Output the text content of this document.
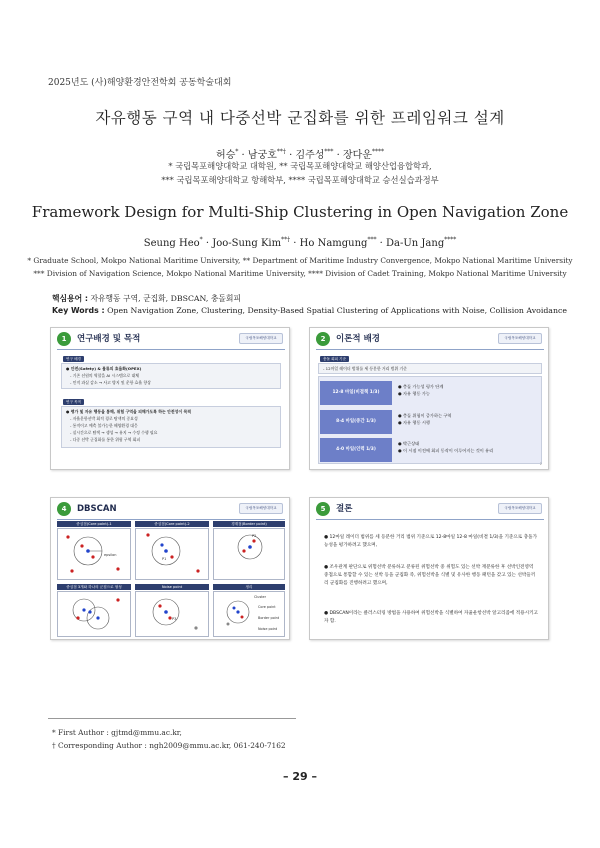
2025년도 (사)해양환경안전학회 공동학술대회
자유행동 구역 내 다중선박 군집화를 위한 프레임워크 설계
허승* · 남궁호**† · 김주성*** · 장다운****
* 국립목포해양대학교 대학원, ** 국립목포해양대학교 해양산업융합학과,
*** 국립목포해양대학교 항해학부, **** 국립목포해양대학교 승선실습과정부
Framework Design for Multi-Ship Clustering in Open Navigation Zone
Seung Heo* · Joo-Sung Kim**† · Ho Namgung*** · Da-Un Jang****
* Graduate School, Mokpo National Maritime University, ** Department of Maritime Industry Convergence, Mokpo National Maritime University
*** Division of Navigation Science, Mokpo National Maritime University, **** Division of Cadet Training, Mokpo National Maritime University
핵심용어 : 자유행동 구역, 군집화, DBSCAN, 충돌회피
Key Words : Open Navigation Zone, Clustering, Density-Based Spatial Clustering of Applications with Noise, Collision Avoidance
1	연구배경 및 목적	국립목포해양대학교
연구 배경
● 안전(Safety) & 물류의 효율화(OPEX)
- 기존 선원의 역할을 AI 시스템으로 대체
- 인적 과실 감소 → 사고 방지 및 운항 효율 향상
연구 목적
● 평가 및 자유 행동을 통해, 위험 구역을 피해가도록 하는 안전성이 목적
- 자율운항선박 회적 경로 탐색의 중요성
- 통적이고 예측 불가능한 해양환경 대응
- 실시간으로 탐색 → 생성 → 유지 → 수정 수행 필요
- 다중 선박 군집화를 통한 위험 구역 회피
2	이론적 배경	국립목포해양대학교
충돌 회피 기준
- 12마일 레이더 범위를 세 등분한 거리 범위 기준
12-8 마일(비결책 1/3)
● 충돌 가능성 평가 단계
● 자유 행동 가능
8-4 마일(중간 1/3)
● 충돌 위험이 증가하는 구역
● 자유 행동 시행
4-0 마일(인력 1/3)
● 박근상태
● 이 시점 이전에 회피 동작이 이루어지는 것이 유리
2
4	DBSCAN	국립목포해양대학교
중심점(Core point)-1
epsilon
중심점(Core point)-2
P1
경계점(Border point)
P2
중심점 3개와 하나의 군집으로 형성	Noise point
P3
정리
Cluster
Core point
Border point
Noise point
5	결론	국립목포해양대학교
● 12마일 레이더 범위를 세 등분한 거리 범위 기준으로 12-8마일 12-8 마일(비결 1/3)을 기준으로 충돌가능성을 평가하려고 했으며,
● 조우관계 판단으로 위험선박 분류하고 분류된 위험선박 중 위험도 있는 선박 재분류한 후 선박인전영역 중첩으로 통합할 수 있는 선박 등을 군집화 즉, 위험선박을 식별 및 유사한 행동 패턴을 갖고 있는 선박들끼리 군집화를 진행하려고 했으며,
● DBSCAN이라는 클러스터링 방법을 사용하여 위험선박을 식별하여 자율운항선박 알고리즘에 적용시키고자 함.
* First Author : gjtmd@mmu.ac.kr,
† Corresponding Author : ngh2009@mmu.ac.kr, 061-240-7162
– 29 –
